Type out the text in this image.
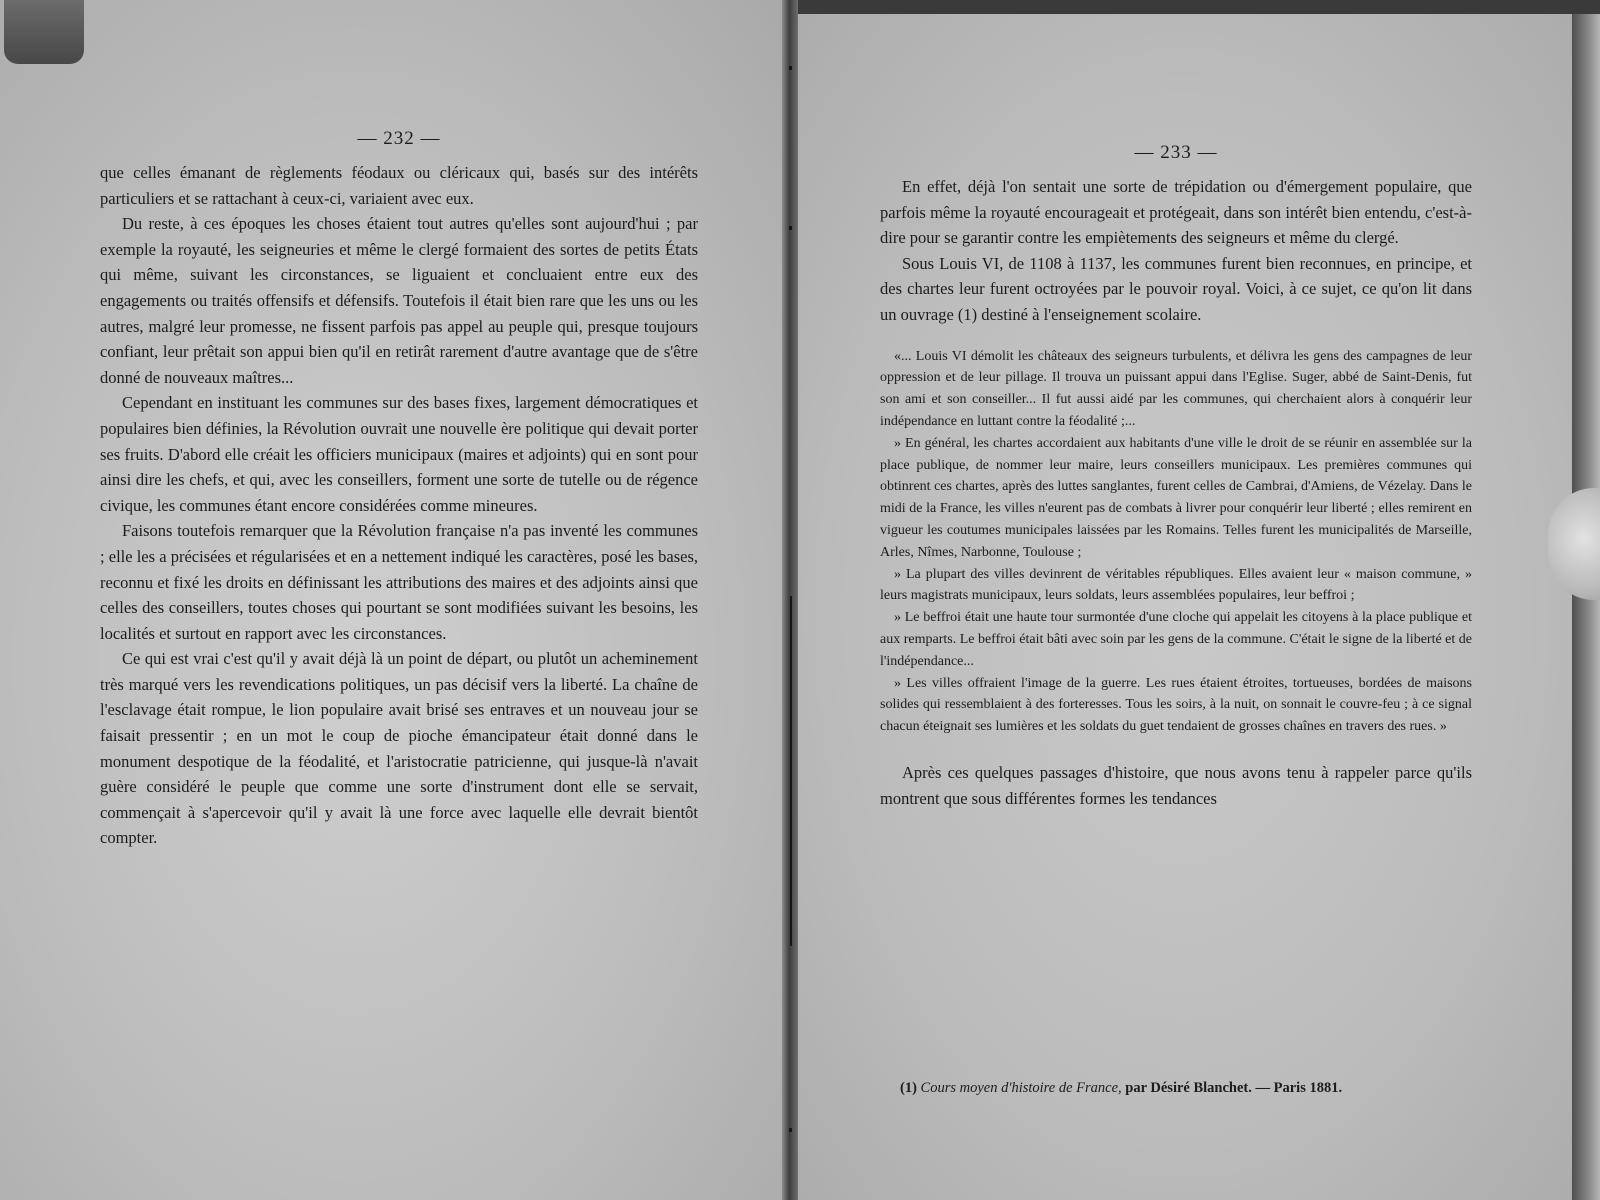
— 232 —

que celles émanant de règlements féodaux ou cléricaux qui, basés sur des intérêts particuliers et se rattachant à ceux-ci, variaient avec eux.

Du reste, à ces époques les choses étaient tout autres qu'elles sont aujourd'hui ; par exemple la royauté, les seigneuries et même le clergé formaient des sortes de petits États qui même, suivant les circonstances, se liguaient et concluaient entre eux des engagements ou traités offensifs et défensifs. Toutefois il était bien rare que les uns ou les autres, malgré leur promesse, ne fissent parfois pas appel au peuple qui, presque toujours confiant, leur prêtait son appui bien qu'il en retirât rarement d'autre avantage que de s'être donné de nouveaux maîtres...

Cependant en instituant les communes sur des bases fixes, largement démocratiques et populaires bien définies, la Révolution ouvrait une nouvelle ère politique qui devait porter ses fruits. D'abord elle créait les officiers municipaux (maires et adjoints) qui en sont pour ainsi dire les chefs, et qui, avec les conseillers, forment une sorte de tutelle ou de régence civique, les communes étant encore considérées comme mineures.

Faisons toutefois remarquer que la Révolution française n'a pas inventé les communes ; elle les a précisées et régularisées et en a nettement indiqué les caractères, posé les bases, reconnu et fixé les droits en définissant les attributions des maires et des adjoints ainsi que celles des conseillers, toutes choses qui pourtant se sont modifiées suivant les besoins, les localités et surtout en rapport avec les circonstances.

Ce qui est vrai c'est qu'il y avait déjà là un point de départ, ou plutôt un acheminement très marqué vers les revendications politiques, un pas décisif vers la liberté. La chaîne de l'esclavage était rompue, le lion populaire avait brisé ses entraves et un nouveau jour se faisait pressentir ; en un mot le coup de pioche émancipateur était donné dans le monument despotique de la féodalité, et l'aristocratie patricienne, qui jusque-là n'avait guère considéré le peuple que comme une sorte d'instrument dont elle se servait, commençait à s'apercevoir qu'il y avait là une force avec laquelle elle devrait bientôt compter.

— 233 —

En effet, déjà l'on sentait une sorte de trépidation ou d'émergement populaire, que parfois même la royauté encourageait et protégeait, dans son intérêt bien entendu, c'est-à-dire pour se garantir contre les empiètements des seigneurs et même du clergé.

Sous Louis VI, de 1108 à 1137, les communes furent bien reconnues, en principe, et des chartes leur furent octroyées par le pouvoir royal. Voici, à ce sujet, ce qu'on lit dans un ouvrage (1) destiné à l'enseignement scolaire.

«... Louis VI démolit les châteaux des seigneurs turbulents, et délivra les gens des campagnes de leur oppression et de leur pillage. Il trouva un puissant appui dans l'Eglise. Suger, abbé de Saint-Denis, fut son ami et son conseiller... Il fut aussi aidé par les communes, qui cherchaient alors à conquérir leur indépendance en luttant contre la féodalité ;...

» En général, les chartes accordaient aux habitants d'une ville le droit de se réunir en assemblée sur la place publique, de nommer leur maire, leurs conseillers municipaux. Les premières communes qui obtinrent ces chartes, après des luttes sanglantes, furent celles de Cambrai, d'Amiens, de Vézelay. Dans le midi de la France, les villes n'eurent pas de combats à livrer pour conquérir leur liberté ; elles remirent en vigueur les coutumes municipales laissées par les Romains. Telles furent les municipalités de Marseille, Arles, Nîmes, Narbonne, Toulouse ;

» La plupart des villes devinrent de véritables républiques. Elles avaient leur « maison commune, » leurs magistrats municipaux, leurs soldats, leurs assemblées populaires, leur beffroi ;

» Le beffroi était une haute tour surmontée d'une cloche qui appelait les citoyens à la place publique et aux remparts. Le beffroi était bâti avec soin par les gens de la commune. C'était le signe de la liberté et de l'indépendance...

» Les villes offraient l'image de la guerre. Les rues étaient étroites, tortueuses, bordées de maisons solides qui ressemblaient à des forteresses. Tous les soirs, à la nuit, on sonnait le couvre-feu ; à ce signal chacun éteignait ses lumières et les soldats du guet tendaient de grosses chaînes en travers des rues. »

Après ces quelques passages d'histoire, que nous avons tenu à rappeler parce qu'ils montrent que sous différentes formes les tendances

(1) Cours moyen d'histoire de France, par Désiré Blanchet. — Paris 1881.
